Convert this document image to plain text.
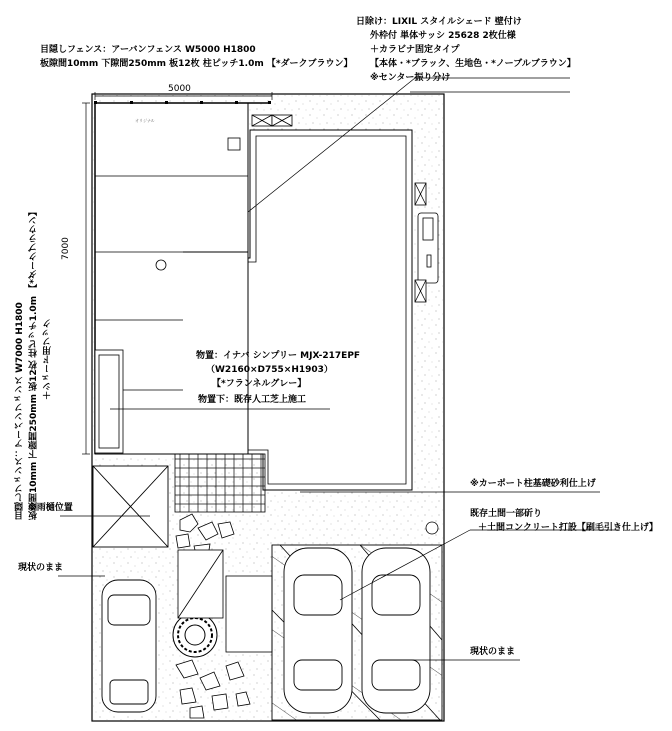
目隠しフェンス：アーバンフェンス W5000 H1800
板隙間10mm 下隙間250mm 板12枚 柱ピッチ1.0m 【*ダークブラウン】
日除け：LIXIL スタイルシェード 壁付け
外枠付 単体サッシ 25628 2枚仕様
＋カラビナ固定タイプ
【本体・*ブラック、生地色・*ノーブルブラウン】
※センター振り分け
5000
7000
目隠しフェンス：アーバンフェンス W7000 H1800 板隙間10mm 下隙間250mm 板12枚 柱ピッチ1.0m 【*ダークブラウン】 ＋シェード用フック	物置：イナバ シンプリー MJX-217EPF
（W2160×D755×H1903）
【*フランネルグレー】
物置下：既存人工芝上施工
※雨樋位置
現状のまま
※カーポート柱基礎砂利仕上げ
既存土間一部斫り
＋土間コンクリート打設【刷毛引き仕上げ】
現状のまま
オリジナル
